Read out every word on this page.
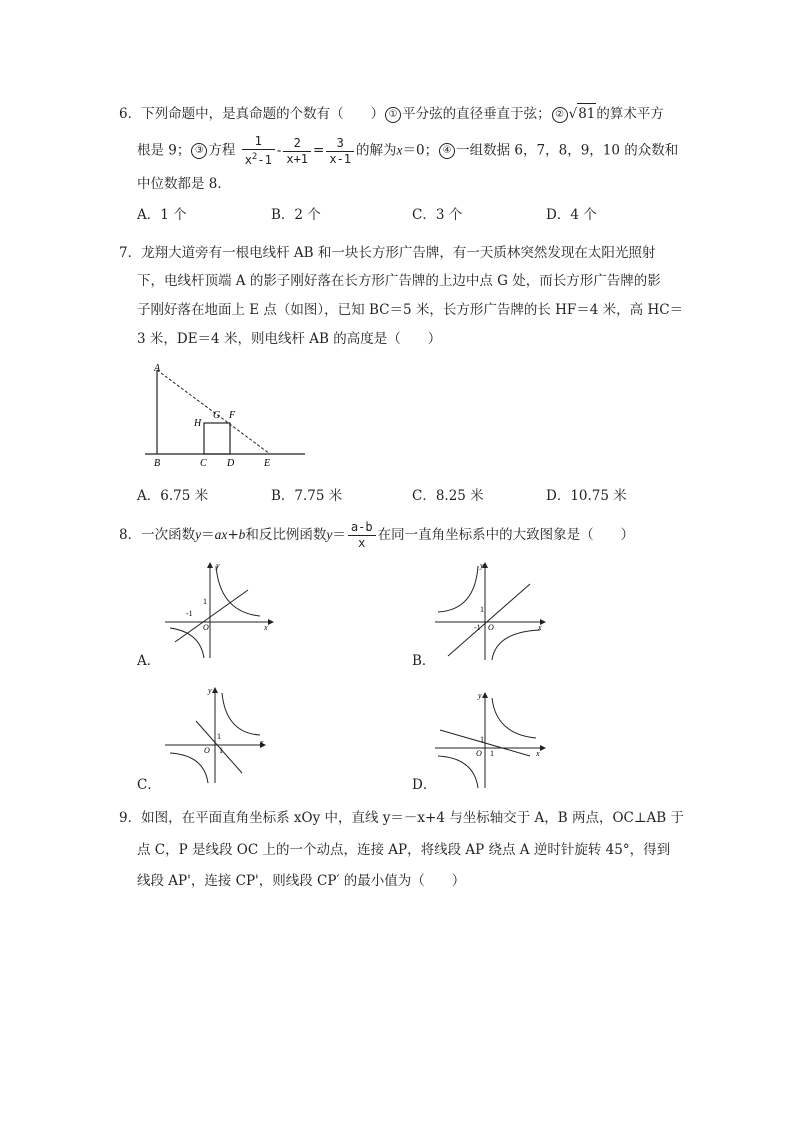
6．下列命题中，是真命题的个数有（　　） ① 平分弦的直径垂直于弦； ② √81的算术平方
根是 9； ③ 方程 $\frac{1}{x^2-1} - \frac{2}{x+1} = \frac{3}{x-1}$ 的解为x＝0； ④ 一组数据 6，7，8，9，10 的众数和
中位数都是 8．
A．1 个	B．2 个	C．3 个	D．4 个
7．龙翔大道旁有一根电线杆 AB 和一块长方形广告牌，有一天质林突然发现在太阳光照射
下，电线杆顶端 A 的影子刚好落在长方形广告牌的上边中点 G 处，而长方形广告牌的影
子刚好落在地面上 E 点（如图），已知 BC＝5 米，长方形广告牌的长 HF＝4 米，高 HC＝
3 米，DE＝4 米，则电线杆 AB 的高度是（　　）
A
H
G F
B	C D	E
A．6.75 米	B．7.75 米	C．8.25 米	D．10.75 米
8．一次函数y＝ax+b和反比例函数$y= \frac{a-b}{x}$ 在同一直角坐标系中的大致图象是（　　）
y
x
O
1
-1
A．
y
x
O
1
-1
B．
y
x
O
1
1
C．
y
x
O
1
1
D．
9．如图，在平面直角坐标系 xOy 中，直线 y＝－x+4 与坐标轴交于 A，B 两点，OC⊥AB 于
点 C，P 是线段 OC 上的一个动点，连接 AP，将线段 AP 绕点 A 逆时针旋转 45°，得到
线段 AP'，连接 CP'，则线段 CP′ 的最小值为（　　）
